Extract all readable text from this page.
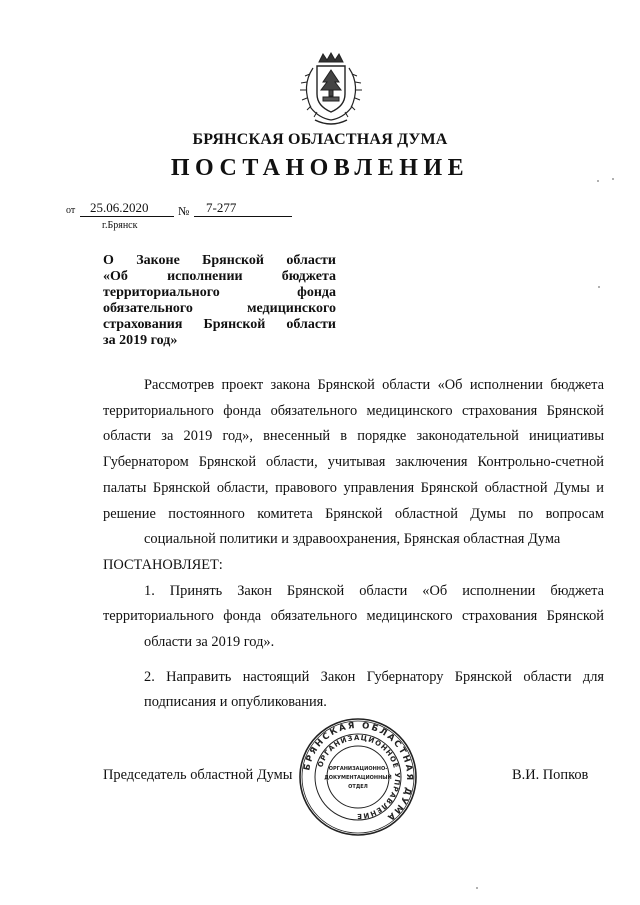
БРЯНСКАЯ ОБЛАСТНАЯ ДУМА
ПОСТАНОВЛЕНИЕ
от 25.06.2020 № 7-277
г.Брянск
О Законе Брянской области
«Об исполнении бюджета
территориального фонда
обязательного медицинского
страхования Брянской области
за 2019 год»

Рассмотрев проект закона Брянской области «Об исполнении бюджета территориального фонда обязательного медицинского страхования Брянской области за 2019 год», внесенный в порядке законодательной инициативы Губернатором Брянской области, учитывая заключения Контрольно-счетной палаты Брянской области, правового управления Брянской областной Думы и решение постоянного комитета Брянской областной Думы по вопросам
социальной политики и здравоохранения, Брянская областная Дума

ПОСТАНОВЛЯЕТ:

1. Принять Закон Брянской области «Об исполнении бюджета территориального фонда обязательного медицинского страхования Брянской
области за 2019 год».

2. Направить настоящий Закон Губернатору Брянской области для
подписания и опубликования.

Председатель областной Думы	В.И. Попков
БРЯНСКАЯ ОБЛАСТНАЯ ДУМА
ОРГАНИЗАЦИОННОЕ УПРАВЛЕНИЕ
ОРГАНИЗАЦИОННО-
ДОКУМЕНТАЦИОННЫЙ
ОТДЕЛ
